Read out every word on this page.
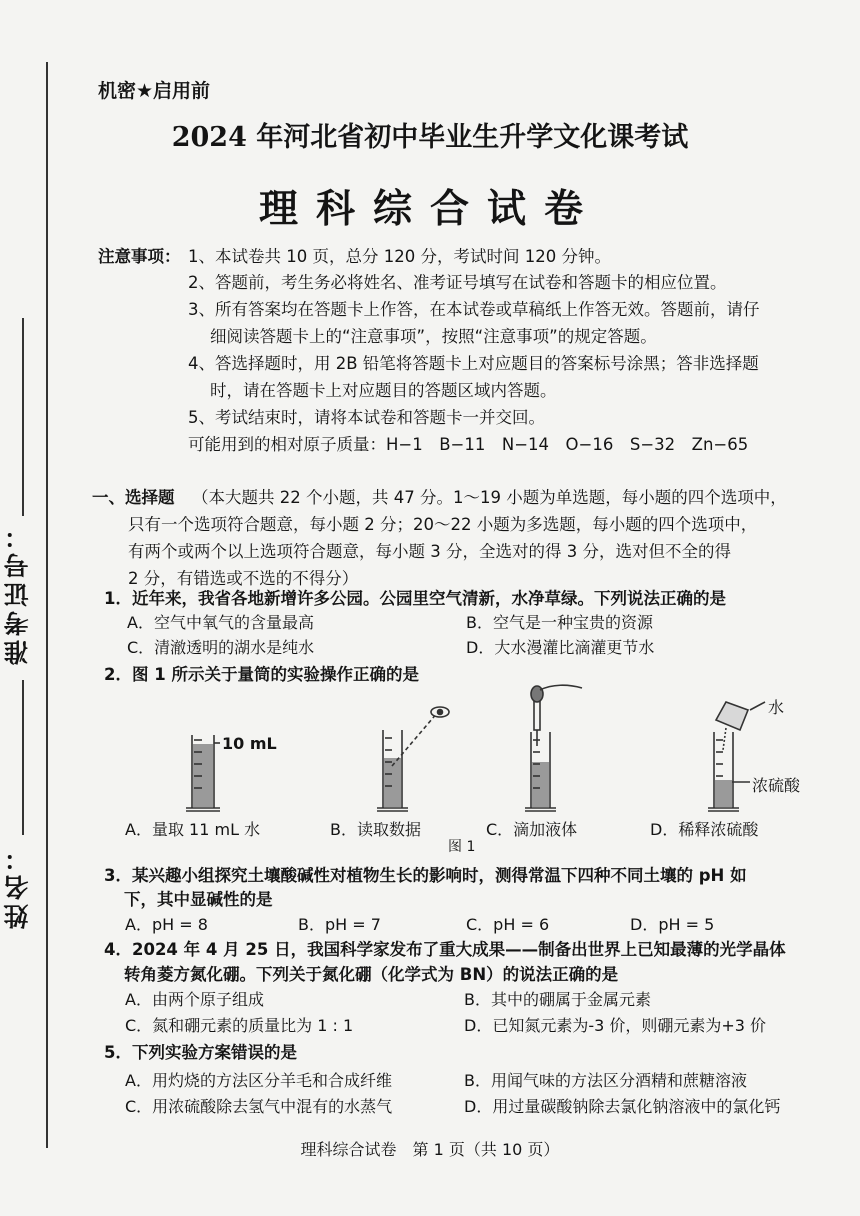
准考证号：
姓名：
机密★启用前
2024 年河北省初中毕业生升学文化课考试
理科综合试卷
注意事项： 1、本试卷共 10 页，总分 120 分，考试时间 120 分钟。
2、答题前，考生务必将姓名、准考证号填写在试卷和答题卡的相应位置。
3、所有答案均在答题卡上作答，在本试卷或草稿纸上作答无效。答题前，请仔
细阅读答题卡上的“注意事项”，按照“注意事项”的规定答题。
4、答选择题时，用 2B 铅笔将答题卡上对应题目的答案标号涂黑；答非选择题
时，请在答题卡上对应题目的答题区域内答题。
5、考试结束时，请将本试卷和答题卡一并交回。
可能用到的相对原子质量：H−1　B−11　N−14　O−16　S−32　Zn−65
一、选择题 （本大题共 22 个小题，共 47 分。1～19 小题为单选题，每小题的四个选项中，
只有一个选项符合题意，每小题 2 分；20～22 小题为多选题，每小题的四个选项中，
有两个或两个以上选项符合题意，每小题 3 分，全选对的得 3 分，选对但不全的得
2 分，有错选或不选的不得分）
1．近年来，我省各地新增许多公园。公园里空气清新，水净草绿。下列说法正确的是
A．空气中氧气的含量最高	B．空气是一种宝贵的资源
C．清澈透明的湖水是纯水	D．大水漫灌比滴灌更节水
2．图 1 所示关于量筒的实验操作正确的是
10 mL
水
浓硫酸
A．量取 11 mL 水	B．读取数据
图 1
C．滴加液体	D．稀释浓硫酸
3．某兴趣小组探究土壤酸碱性对植物生长的影响时，测得常温下四种不同土壤的 pH 如
下，其中显碱性的是
A．pH = 8	B．pH = 7	C．pH = 6	D．pH = 5
4．2024 年 4 月 25 日，我国科学家发布了重大成果——制备出世界上已知最薄的光学晶体
转角菱方氮化硼。下列关于氮化硼（化学式为 BN）的说法正确的是
A．由两个原子组成	B．其中的硼属于金属元素
C．氮和硼元素的质量比为 1 : 1	D．已知氮元素为-3 价，则硼元素为+3 价
5．下列实验方案错误的是
A．用灼烧的方法区分羊毛和合成纤维	B．用闻气味的方法区分酒精和蔗糖溶液
C．用浓硫酸除去氢气中混有的水蒸气	D．用过量碳酸钠除去氯化钠溶液中的氯化钙
理科综合试卷　第 1 页（共 10 页）
